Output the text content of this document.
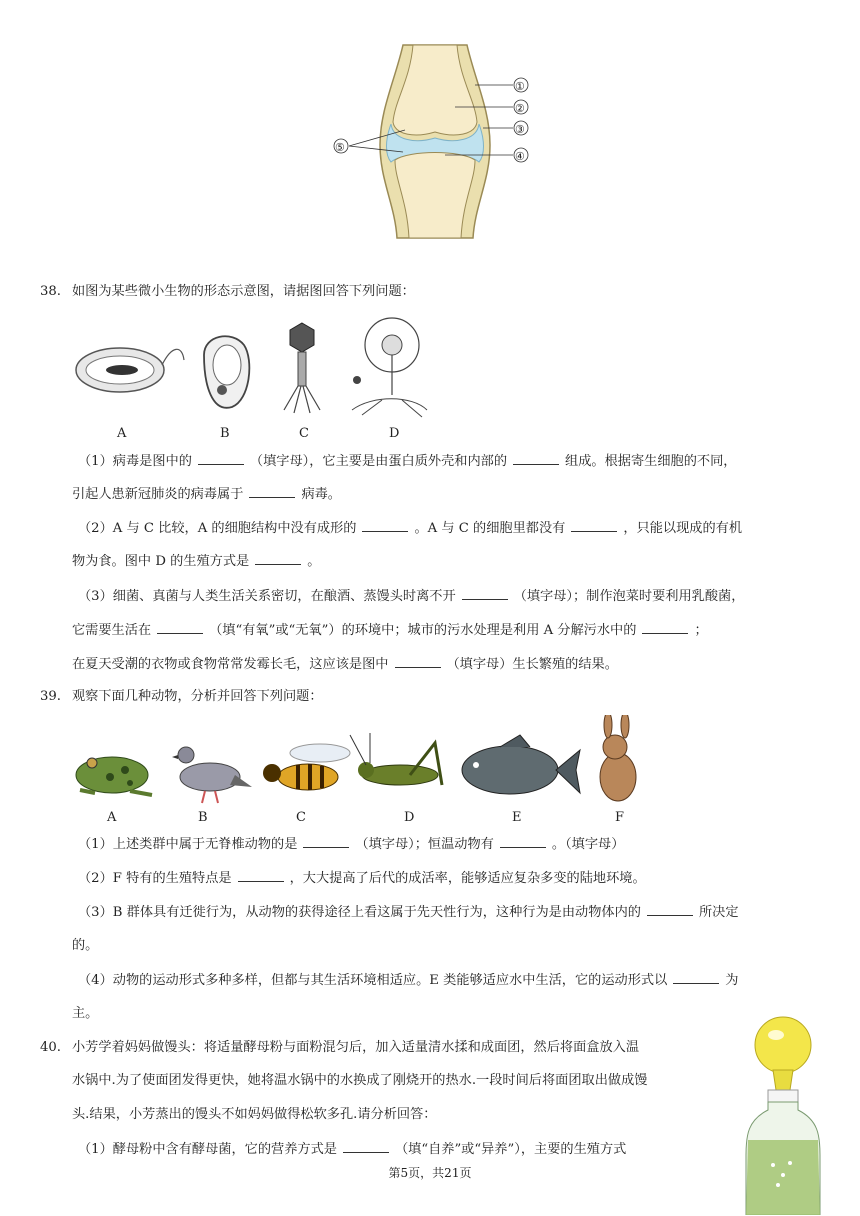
①
②
③
④
⑤
38. 如图为某些微小生物的形态示意图，请据图回答下列问题：
A	B	C	D
（1）病毒是图中的	（填字母），它主要是由蛋白质外壳和内部的	组成。根据寄生细胞的不同，
引起人患新冠肺炎的病毒属于	病毒。
（2）A 与 C 比较，A 的细胞结构中没有成形的	。A 与 C 的细胞里都没有	，只能以现成的有机
物为食。图中 D 的生殖方式是	。
（3）细菌、真菌与人类生活关系密切，在酿酒、蒸馒头时离不开	（填字母）；制作泡菜时要利用乳酸菌，
它需要生活在	（填“有氧”或“无氧”）的环境中；城市的污水处理是利用 A 分解污水中的	；
在夏天受潮的衣物或食物常常发霉长毛，这应该是图中	（填字母）生长繁殖的结果。
39. 观察下面几种动物，分析并回答下列问题：
A	B	C	D	E	F
（1）上述类群中属于无脊椎动物的是	（填字母）；恒温动物有	。（填字母）
（2）F 特有的生殖特点是	，大大提高了后代的成活率，能够适应复杂多变的陆地环境。
（3）B 群体具有迁徙行为，从动物的获得途径上看这属于先天性行为，这种行为是由动物体内的	所决定
的。
（4）动物的运动形式多种多样，但都与其生活环境相适应。E 类能够适应水中生活，它的运动形式以	为
主。
40. 小芳学着妈妈做馒头：将适量酵母粉与面粉混匀后，加入适量清水揉和成面团，然后将面盒放入温
水锅中.为了使面团发得更快，她将温水锅中的水换成了刚烧开的热水.一段时间后将面团取出做成馒
头.结果，小芳蒸出的馒头不如妈妈做得松软多孔.请分析回答：
（1）酵母粉中含有酵母菌，它的营养方式是	（填“自养”或“异养”），主要的生殖方式
第5页，共21页
